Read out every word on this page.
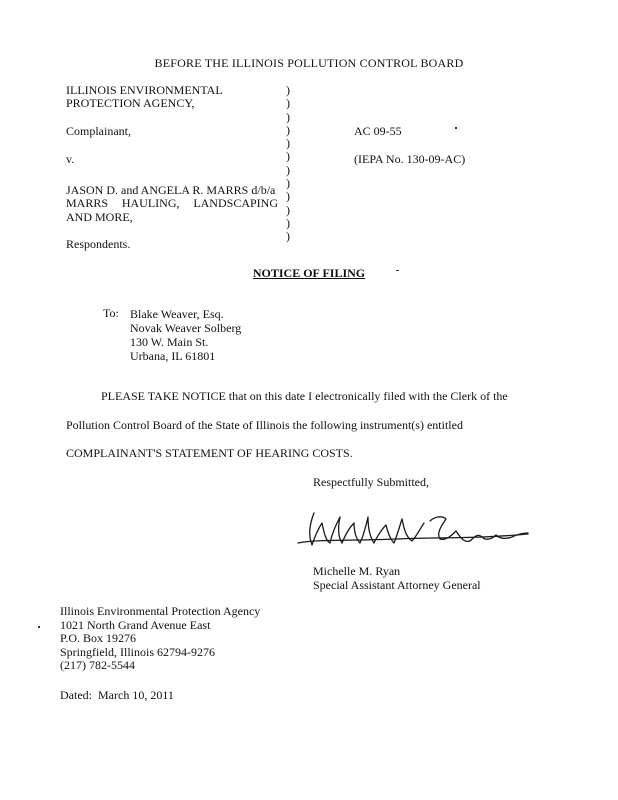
BEFORE THE ILLINOIS POLLUTION CONTROL BOARD
ILLINOIS ENVIRONMENTAL
PROTECTION AGENCY,
Complainant,
v.
JASON D. and ANGELA R. MARRS d/b/a
MARRS HAULING, LANDSCAPING
AND MORE,
Respondents.
)
)
)
)
)
)
)
)
)
)
)
)
AC 09-55
(IEPA No. 130-09-AC)
NOTICE OF FILING
To: Blake Weaver, Esq.
Novak Weaver Solberg
130 W. Main St.
Urbana, IL 61801
PLEASE TAKE NOTICE that on this date I electronically filed with the Clerk of the
Pollution Control Board of the State of Illinois the following instrument(s) entitled
COMPLAINANT'S STATEMENT OF HEARING COSTS.
Respectfully Submitted,
Michelle M. Ryan
Special Assistant Attorney General
Illinois Environmental Protection Agency
1021 North Grand Avenue East
P.O. Box 19276
Springfield, Illinois 62794-9276
(217) 782-5544
Dated: March 10, 2011
